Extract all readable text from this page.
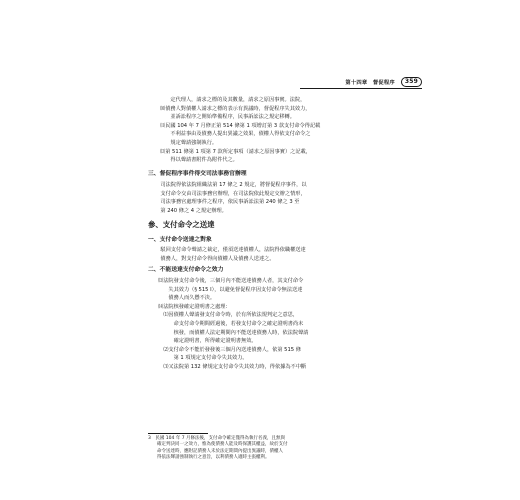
第十四章　督促程序	359

　　定代理人，請求之標的及其數量，請求之原因事實。法院，

⑽債務人對債權人請求之標的表示有異議時，督促程序失其效力，

　　並訴訟程序之開始準備程序，民事訴訟法之規定移轉。

⑾民國 104 年 7 月修正第 514 條第 1 項增訂第 3 款支付命令得記載

　　不利益事由及債務人提出異議之效果，債權人得依支付命令之

　　規定聲請強制執行。

⑿第 511 條第 1 項第 7 款所定事項（請求之原因事實）之記載，

　　得以聲請書附件為附件代之。

三、督促程序事件得交司法事務官辦理

　　司法院得依法院組織法第 17 條之 2 規定，將督促程序事件，以

　　支付命令交由司法事務官辦理，在司法院依此規定交辦之情形，

　　司法事務官處理事件之程序，依民事訴訟法第 240 條之 3 至

　　第 240 條之 4 之規定辦理。

參、支付命令之送達
一、支付命令送達之對象

　　駁回支付命令聲請之裁定，僅須送達債權人，法院得依職權送達

　　債務人，對支付命令得向債權人及債務人送達之。

二、不能送達支付命令之效力

⒀法院發支付命令後，三個月內不能送達債務人者，其支付命令

　　失其效力（§ 515 Ⅰ），以避免督促程序因支付命令無法送達

　　債務人而久懸不決。

⒁法院核發確定證明書之處理：

　⑴因債權人聲請發支付命令時，於有所依法規判定之意思，

　　　命支付命令期間經過後，若發支付命令之確定證明書尚未

　　　核發，而債權人法定期間內不能送達債務人時，依法院聲請

　　　確定證明書，所得確定證明書無效。

　⑵支付命令不能於發發後三個月內送達債務人，依第 515 條

　　　第 1 項規定支付命令失其效力。

　⑶又法院第 132 條規定支付命令失其效力時，得依據為不中斷

3　民國 104 年 7 月修法後，支付命令確定僅得為執行名義，且無與

　　確定判決同一之效力，惟為使債務人能及時保護其權益，故於支付

　　命令送達時，應附記債務人未於法定期間內提出異議時，債權人

　　得依法聲請強制執行之意旨，以利債務人適時主張權利。
